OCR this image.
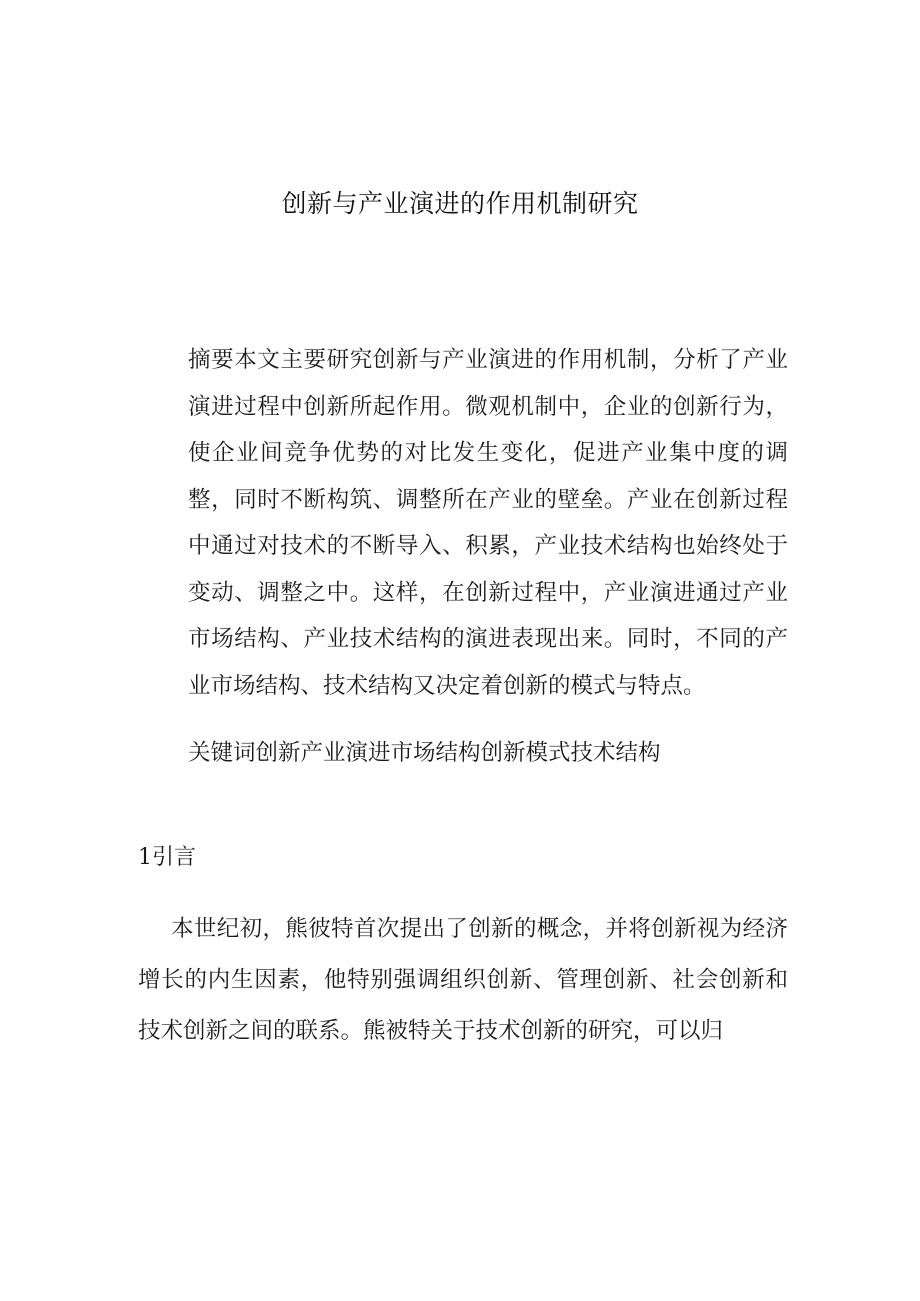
创新与产业演进的作用机制研究

摘要本文主要研究创新与产业演进的作用机制，分析了产业演进过程中创新所起作用。微观机制中，企业的创新行为，使企业间竞争优势的对比发生变化，促进产业集中度的调整，同时不断构筑、调整所在产业的壁垒。产业在创新过程中通过对技术的不断导入、积累，产业技术结构也始终处于变动、调整之中。这样，在创新过程中，产业演进通过产业市场结构、产业技术结构的演进表现出来。同时，不同的产业市场结构、技术结构又决定着创新的模式与特点。

关键词创新产业演进市场结构创新模式技术结构

1引言

本世纪初，熊彼特首次提出了创新的概念，并将创新视为经济增长的内生因素，他特别强调组织创新、管理创新、社会创新和技术创新之间的联系。熊被特关于技术创新的研究，可以归
